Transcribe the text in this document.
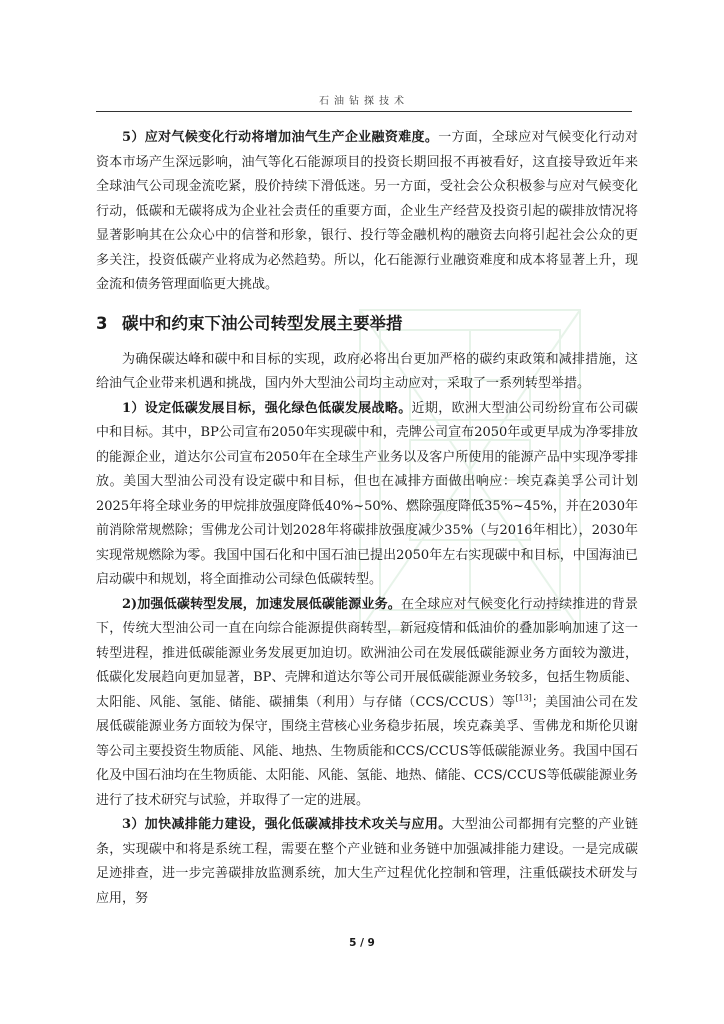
石油钻探技术

5）应对气候变化行动将增加油气生产企业融资难度。一方面，全球应对气候变化行动对资本市场产生深远影响，油气等化石能源项目的投资长期回报不再被看好，这直接导致近年来全球油气公司现金流吃紧，股价持续下滑低迷。另一方面，受社会公众积极参与应对气候变化行动，低碳和无碳将成为企业社会责任的重要方面，企业生产经营及投资引起的碳排放情况将显著影响其在公众心中的信誉和形象，银行、投行等金融机构的融资去向将引起社会公众的更多关注，投资低碳产业将成为必然趋势。所以，化石能源行业融资难度和成本将显著上升，现金流和债务管理面临更大挑战。

3 碳中和约束下油公司转型发展主要举措

为确保碳达峰和碳中和目标的实现，政府必将出台更加严格的碳约束政策和减排措施，这给油气企业带来机遇和挑战，国内外大型油公司均主动应对，采取了一系列转型举措。

1）设定低碳发展目标，强化绿色低碳发展战略。近期，欧洲大型油公司纷纷宣布公司碳中和目标。其中，BP公司宣布2050年实现碳中和，壳牌公司宣布2050年或更早成为净零排放的能源企业，道达尔公司宣布2050年在全球生产业务以及客户所使用的能源产品中实现净零排放。美国大型油公司没有设定碳中和目标，但也在减排方面做出响应：埃克森美孚公司计划2025年将全球业务的甲烷排放强度降低40%~50%、燃除强度降低35%~45%，并在2030年前消除常规燃除；雪佛龙公司计划2028年将碳排放强度减少35%（与2016年相比），2030年实现常规燃除为零。我国中国石化和中国石油已提出2050年左右实现碳中和目标，中国海油已启动碳中和规划，将全面推动公司绿色低碳转型。

2)加强低碳转型发展，加速发展低碳能源业务。在全球应对气候变化行动持续推进的背景下，传统大型油公司一直在向综合能源提供商转型，新冠疫情和低油价的叠加影响加速了这一转型进程，推进低碳能源业务发展更加迫切。欧洲油公司在发展低碳能源业务方面较为激进，低碳化发展趋向更加显著，BP、壳牌和道达尔等公司开展低碳能源业务较多，包括生物质能、太阳能、风能、氢能、储能、碳捕集（利用）与存储（CCS/CCUS）等[13]；美国油公司在发展低碳能源业务方面较为保守，围绕主营核心业务稳步拓展，埃克森美孚、雪佛龙和斯伦贝谢等公司主要投资生物质能、风能、地热、生物质能和CCS/CCUS等低碳能源业务。我国中国石化及中国石油均在生物质能、太阳能、风能、氢能、地热、储能、CCS/CCUS等低碳能源业务进行了技术研究与试验，并取得了一定的进展。

3）加快减排能力建设，强化低碳减排技术攻关与应用。大型油公司都拥有完整的产业链条，实现碳中和将是系统工程，需要在整个产业链和业务链中加强减排能力建设。一是完成碳足迹排查，进一步完善碳排放监测系统，加大生产过程优化控制和管理，注重低碳技术研发与应用，努

5 / 9
